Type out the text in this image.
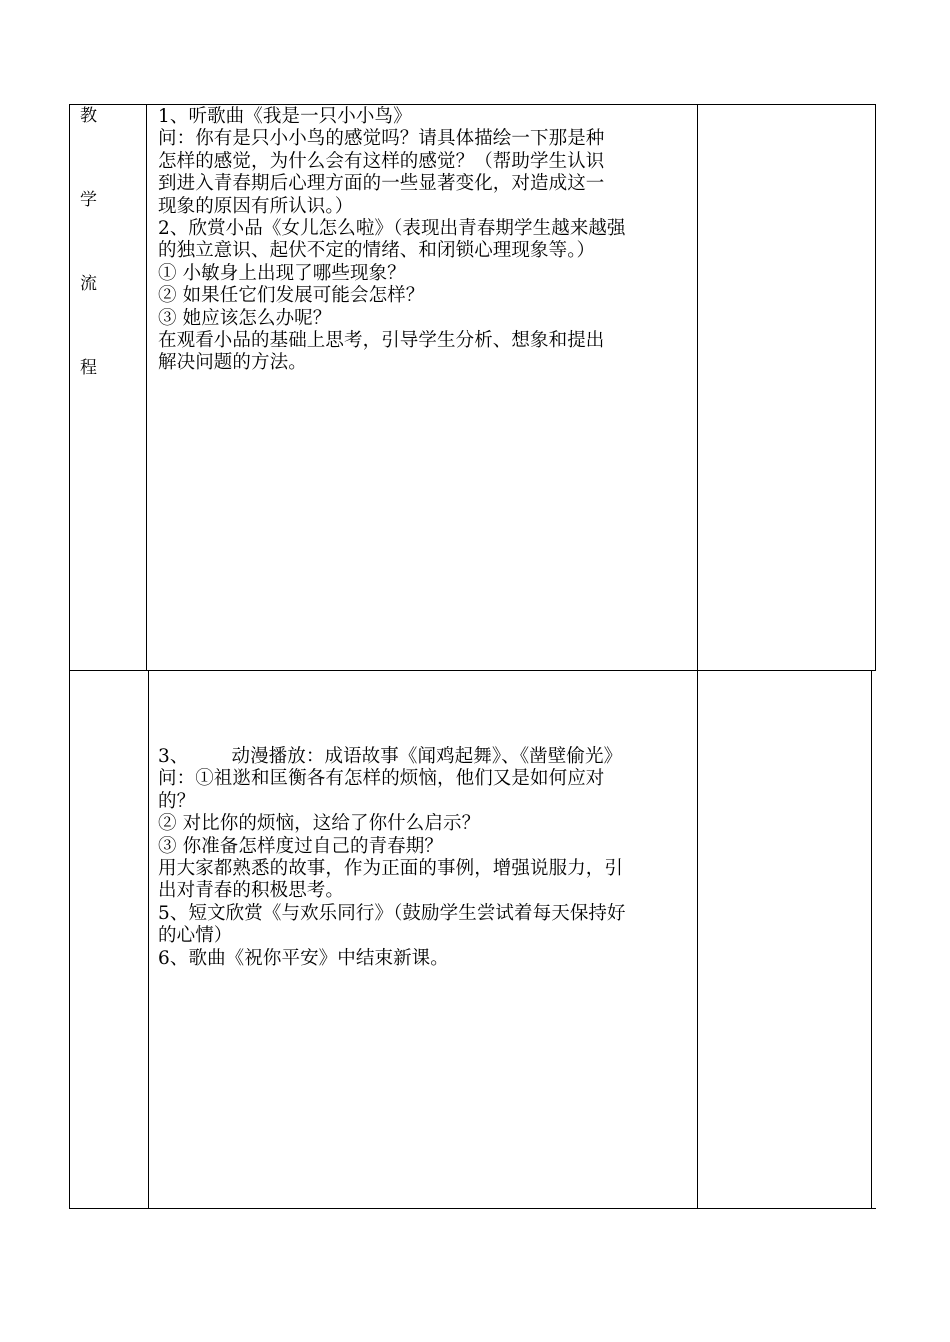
教
学
流
程
1、听歌曲《我是一只小小鸟》
问：你有是只小小鸟的感觉吗？请具体描绘一下那是种
怎样的感觉，为什么会有这样的感觉？（帮助学生认识
到进入青春期后心理方面的一些显著变化，对造成这一
现象的原因有所认识。）
2、欣赏小品《女儿怎么啦》（表现出青春期学生越来越强
的独立意识、起伏不定的情绪、和闭锁心理现象等。）
① 小敏身上出现了哪些现象？
② 如果任它们发展可能会怎样？
③ 她应该怎么办呢？
在观看小品的基础上思考，引导学生分析、想象和提出
解决问题的方法。
3、 动漫播放：成语故事《闻鸡起舞》、《凿壁偷光》
问：①祖逖和匡衡各有怎样的烦恼，他们又是如何应对
的？
② 对比你的烦恼，这给了你什么启示？
③ 你准备怎样度过自己的青春期？
用大家都熟悉的故事，作为正面的事例，增强说服力，引
出对青春的积极思考。
5、短文欣赏《与欢乐同行》（鼓励学生尝试着每天保持好
的心情）
6、歌曲《祝你平安》中结束新课。
